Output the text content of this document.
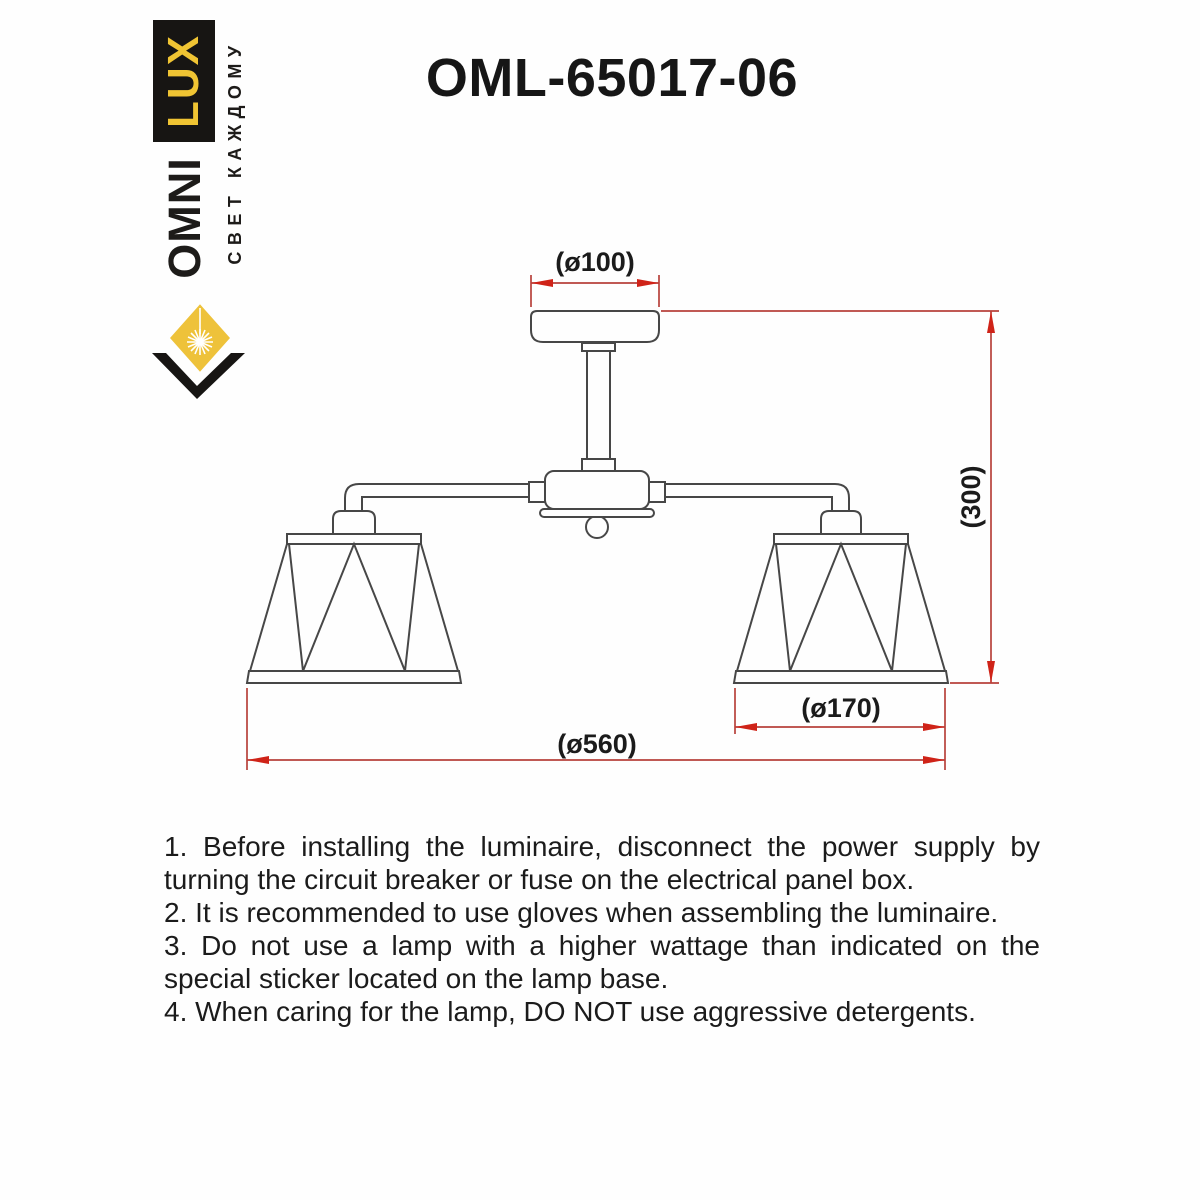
OML-65017-06
(ø100)
(300)
(ø170)
(ø560)
LUX
OMNI СВЕТ КАЖДОМУ

1. Before installing the luminaire, disconnect the power supply by turning the circuit breaker or fuse on the electrical panel box.

2. It is recommended to use gloves when assembling the luminaire.

3. Do not use a lamp with a higher wattage than indicated on the special sticker located on the lamp base.

4. When caring for the lamp, DO NOT use aggressive detergents.
